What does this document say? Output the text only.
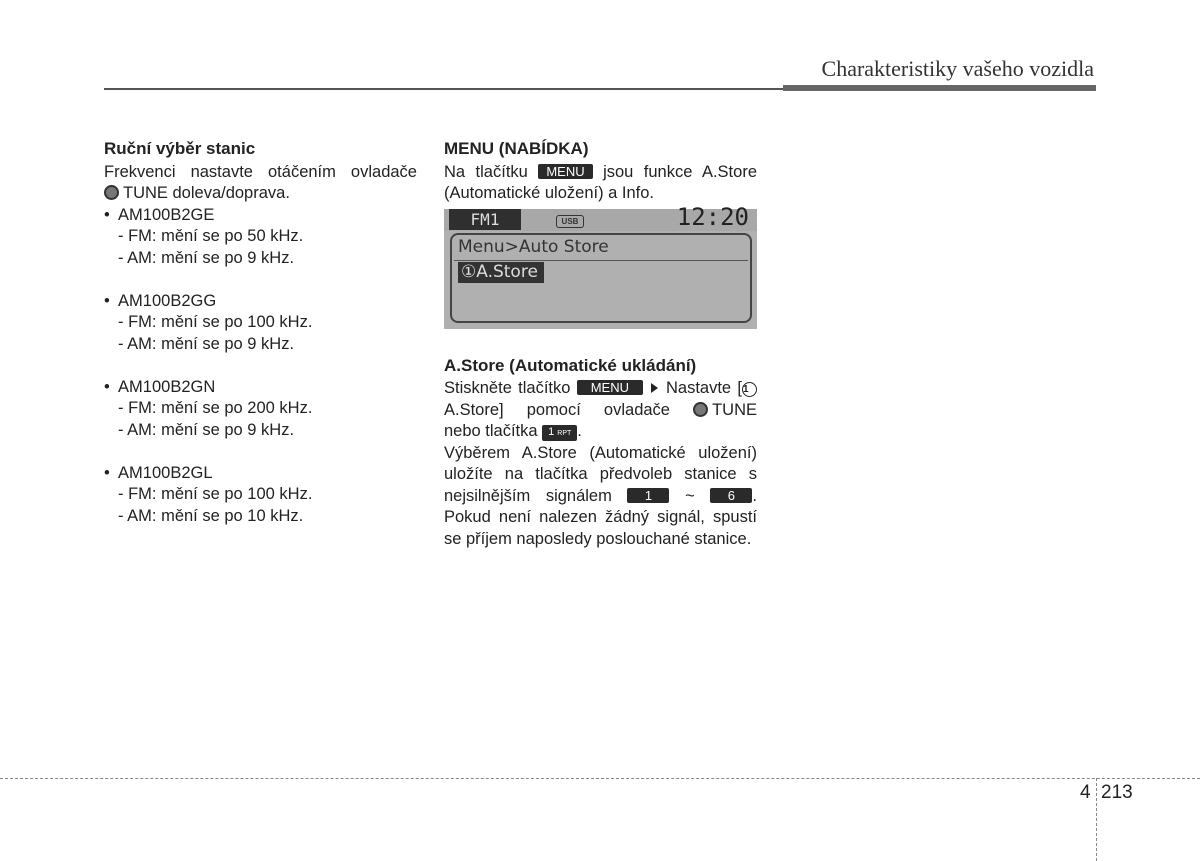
Charakteristiky vašeho vozidla

Ruční výběr stanic

Frekvenci nastavte otáčením ovladače

TUNE doleva/doprava.

• AM100B2GE

- FM: mění se po 50 kHz.

- AM: mění se po 9 kHz.

• AM100B2GG

- FM: mění se po 100 kHz.

- AM: mění se po 9 kHz.

• AM100B2GN

- FM: mění se po 200 kHz.

- AM: mění se po 9 kHz.

• AM100B2GL

- FM: mění se po 100 kHz.

- AM: mění se po 10 kHz.

MENU (NABÍDKA)

Na tlačítku MENU jsou funkce A.Store

(Automatické uložení) a Info.

FM1	USB	12:20
Menu>Auto Store
①A.Store

A.Store (Automatické ukládání)

Stiskněte tlačítko MENU Nastavte [1A.Store] pomocí ovladače	TUNE

nebo tlačítka 1 RPT .

Výběrem A.Store (Automatické uložení) uložíte na tlačítka předvoleb stanice s nejsilnějším signálem	1 ~	6 . Pokud není nalezen žádný signál, spustí se příjem naposledy poslouchané stanice.

4 213
